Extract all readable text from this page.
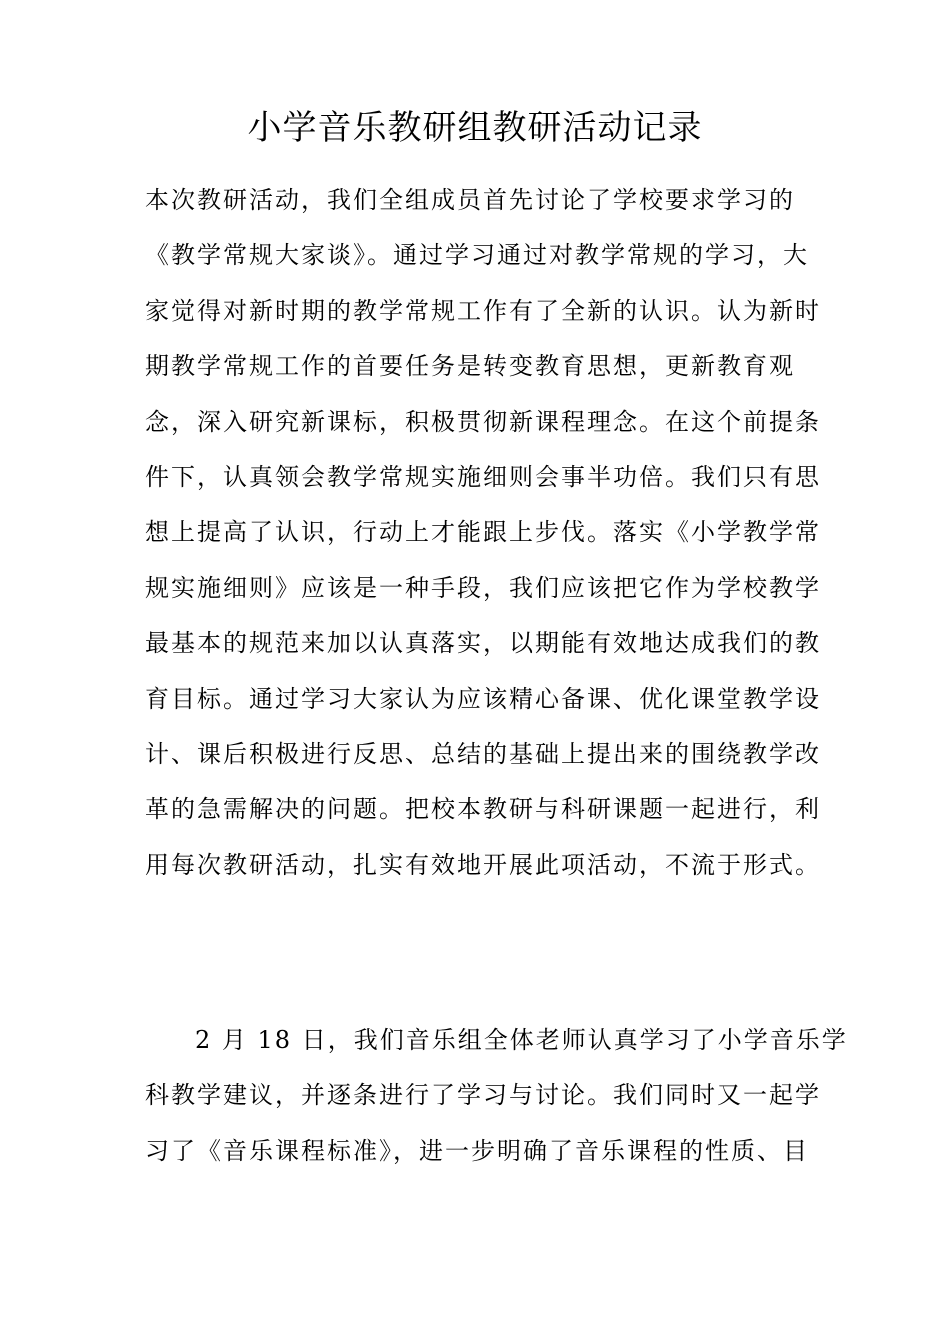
小学音乐教研组教研活动记录
本次教研活动，我们全组成员首先讨论了学校要求学习的
《教学常规大家谈》。通过学习通过对教学常规的学习，大
家觉得对新时期的教学常规工作有了全新的认识。认为新时
期教学常规工作的首要任务是转变教育思想，更新教育观
念，深入研究新课标，积极贯彻新课程理念。在这个前提条
件下，认真领会教学常规实施细则会事半功倍。我们只有思
想上提高了认识，行动上才能跟上步伐。落实《小学教学常
规实施细则》应该是一种手段，我们应该把它作为学校教学
最基本的规范来加以认真落实，以期能有效地达成我们的教
育目标。通过学习大家认为应该精心备课、优化课堂教学设
计、课后积极进行反思、总结的基础上提出来的围绕教学改
革的急需解决的问题。把校本教研与科研课题一起进行，利
用每次教研活动，扎实有效地开展此项活动，不流于形式。
2 月 18 日，我们音乐组全体老师认真学习了小学音乐学
科教学建议，并逐条进行了学习与讨论。我们同时又一起学
习了《音乐课程标准》，进一步明确了音乐课程的性质、目
